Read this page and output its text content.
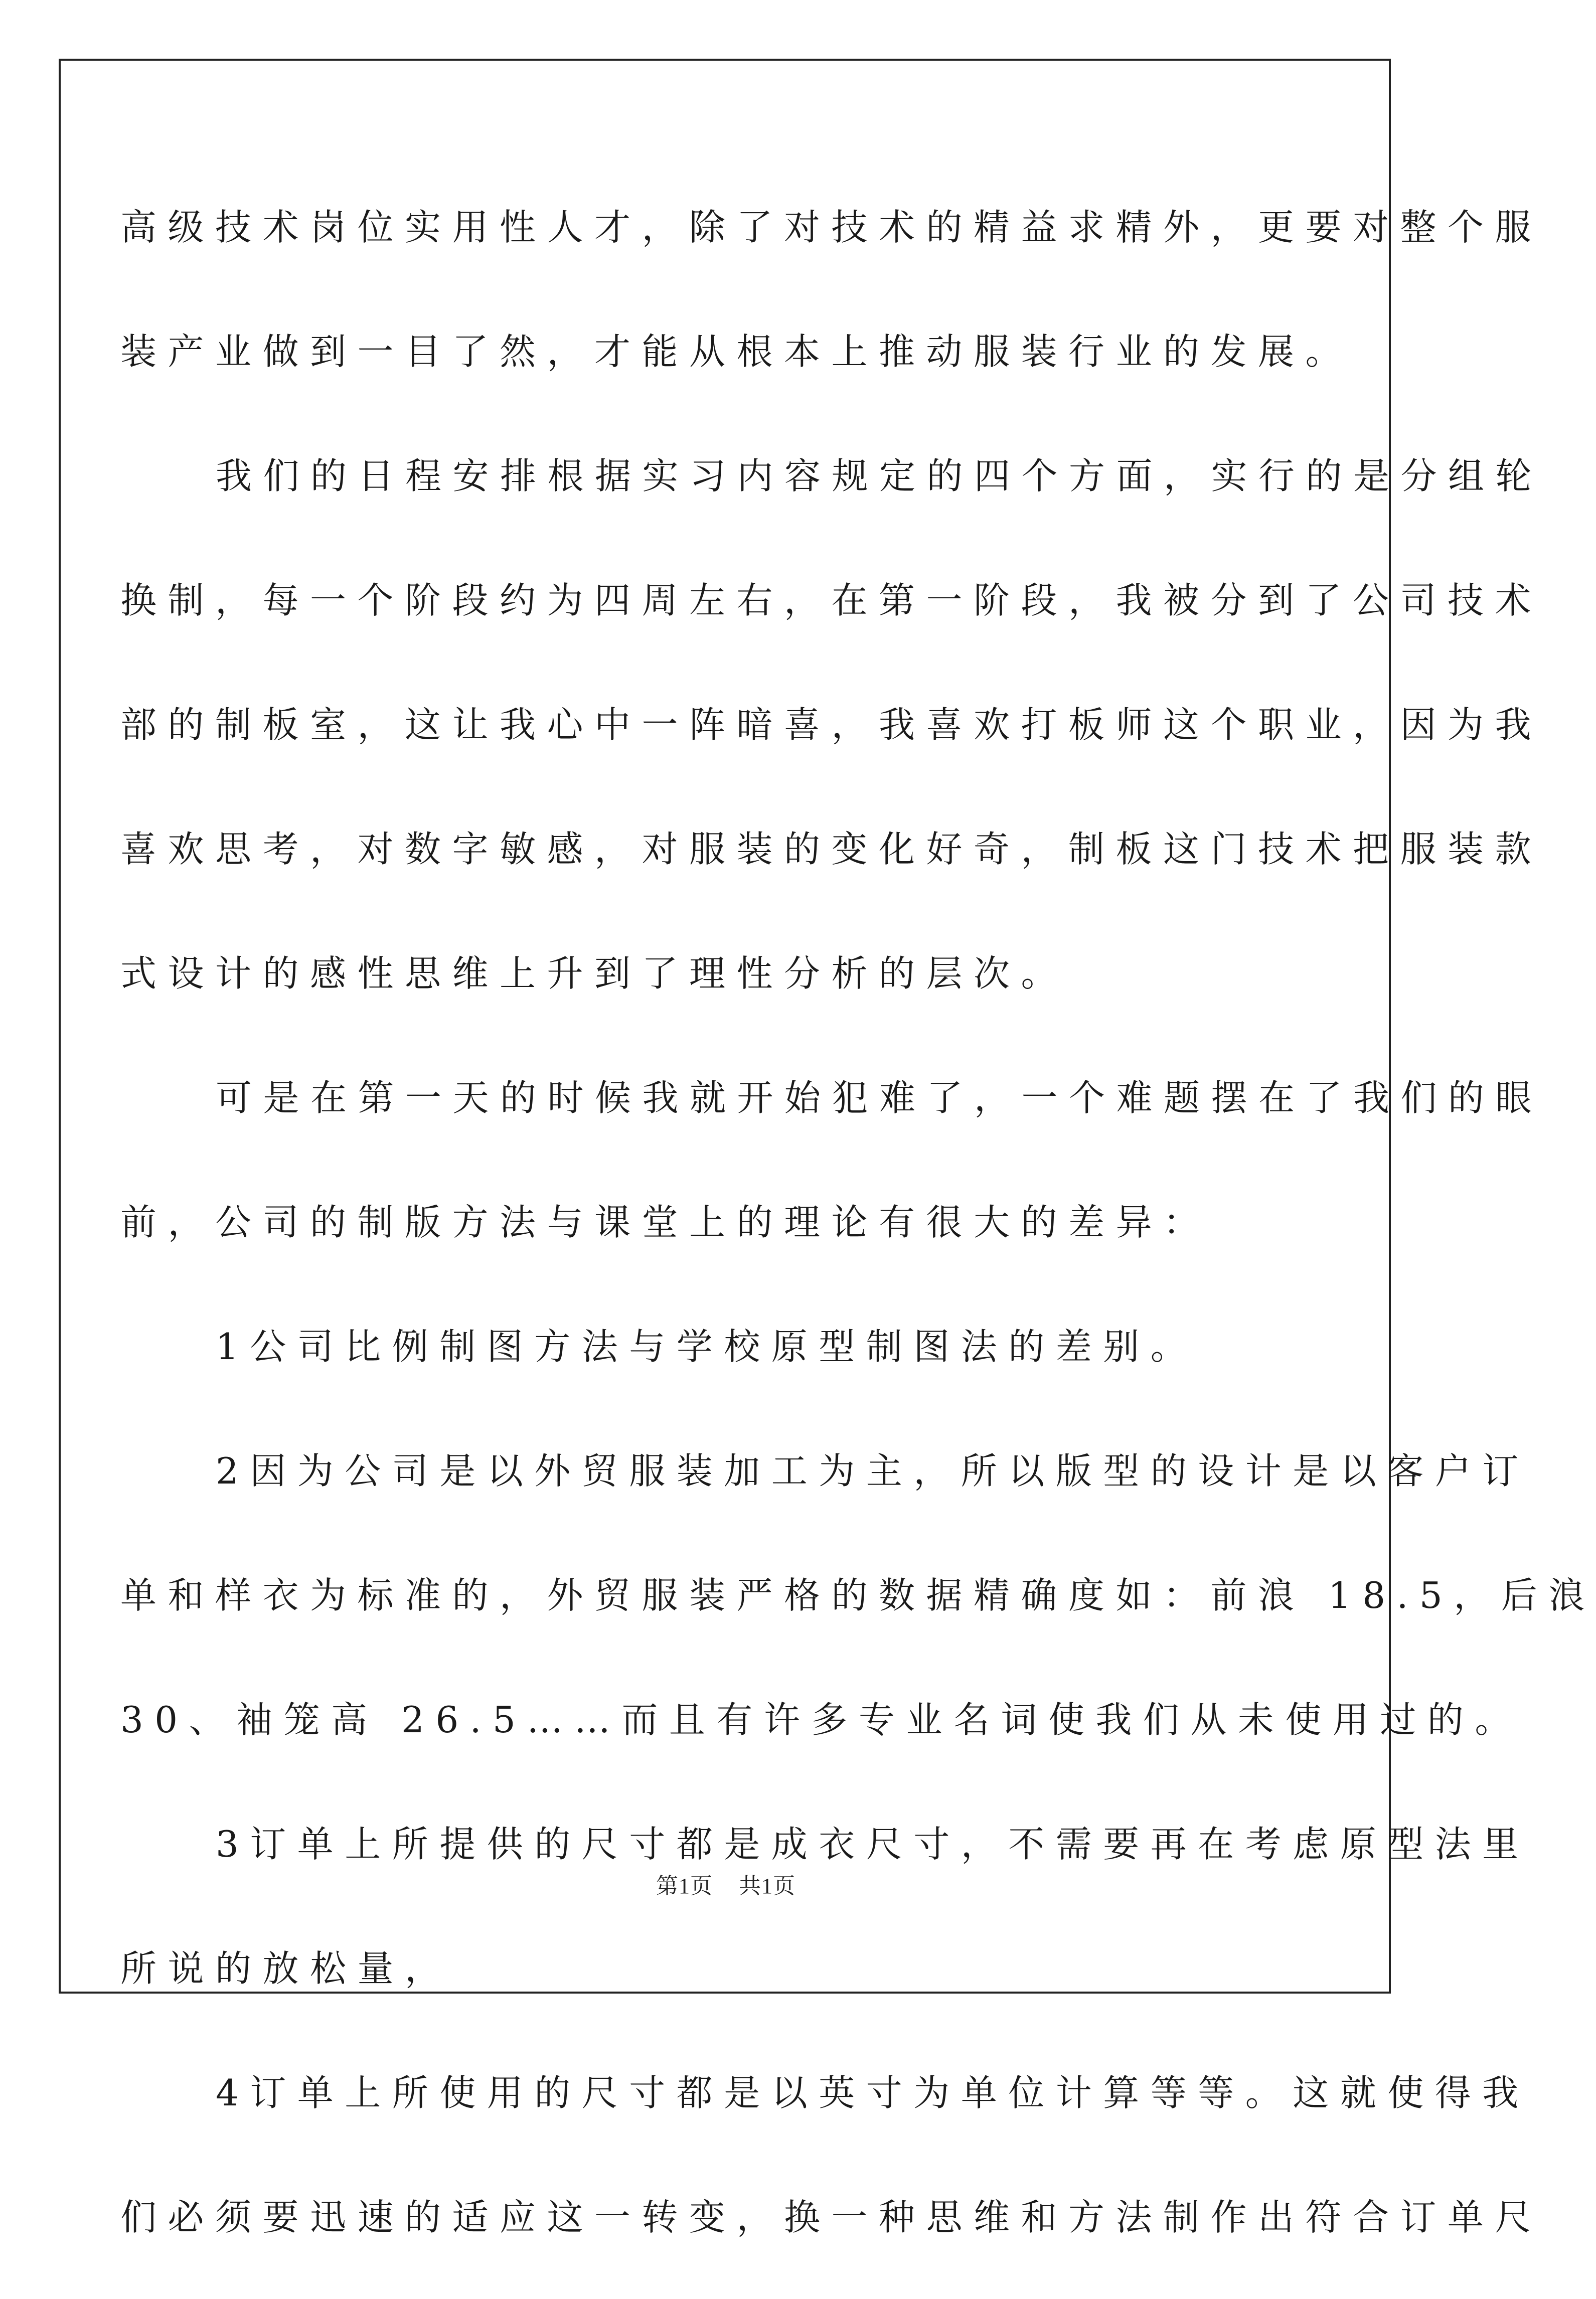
高级技术岗位实用性人才，除了对技术的精益求精外，更要对整个服
装产业做到一目了然，才能从根本上推动服装行业的发展。
我们的日程安排根据实习内容规定的四个方面，实行的是分组轮
换制，每一个阶段约为四周左右，在第一阶段，我被分到了公司技术
部的制板室，这让我心中一阵暗喜，我喜欢打板师这个职业，因为我
喜欢思考，对数字敏感，对服装的变化好奇，制板这门技术把服装款
式设计的感性思维上升到了理性分析的层次。
可是在第一天的时候我就开始犯难了，一个难题摆在了我们的眼
前，公司的制版方法与课堂上的理论有很大的差异：
1公司比例制图方法与学校原型制图法的差别。
2因为公司是以外贸服装加工为主，所以版型的设计是以客户订
单和样衣为标准的，外贸服装严格的数据精确度如：前浪 18.5，后浪
30、袖笼高 26.5……而且有许多专业名词使我们从未使用过的。
3订单上所提供的尺寸都是成衣尺寸，不需要再在考虑原型法里
所说的放松量，
4订单上所使用的尺寸都是以英寸为单位计算等等。这就使得我
们必须要迅速的适应这一转变，换一种思维和方法制作出符合订单尺
第1页 共1页
